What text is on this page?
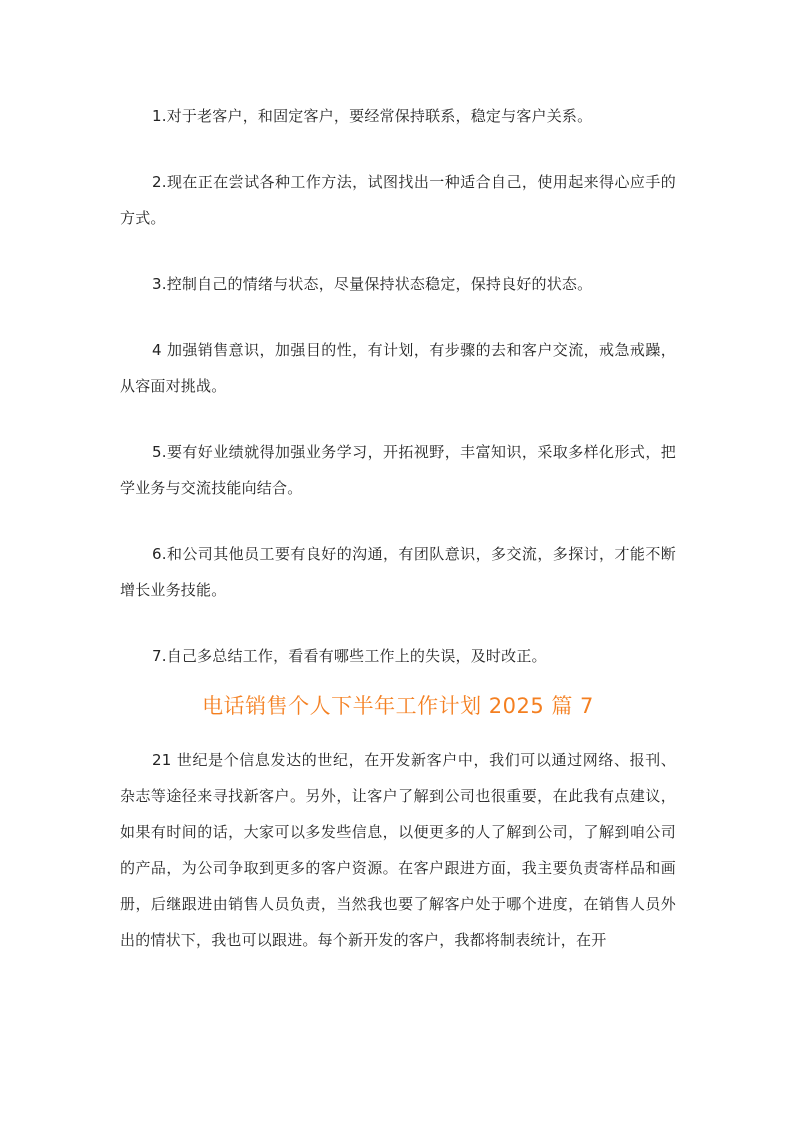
1.对于老客户，和固定客户，要经常保持联系，稳定与客户关系。

2.现在正在尝试各种工作方法，试图找出一种适合自己，使用起来得心应手的方式。

3.控制自己的情绪与状态，尽量保持状态稳定，保持良好的状态。

4 加强销售意识，加强目的性，有计划，有步骤的去和客户交流，戒急戒躁，从容面对挑战。

5.要有好业绩就得加强业务学习，开拓视野，丰富知识，采取多样化形式，把学业务与交流技能向结合。

6.和公司其他员工要有良好的沟通，有团队意识，多交流，多探讨，才能不断增长业务技能。

7.自己多总结工作，看看有哪些工作上的失误，及时改正。

电话销售个人下半年工作计划 2025 篇 7

21 世纪是个信息发达的世纪，在开发新客户中，我们可以通过网络、报刊、杂志等途径来寻找新客户。另外，让客户了解到公司也很重要，在此我有点建议，如果有时间的话，大家可以多发些信息，以便更多的人了解到公司，了解到咱公司的产品，为公司争取到更多的客户资源。在客户跟进方面，我主要负责寄样品和画册，后继跟进由销售人员负责，当然我也要了解客户处于哪个进度，在销售人员外出的情状下，我也可以跟进。每个新开发的客户，我都将制表统计，在开
